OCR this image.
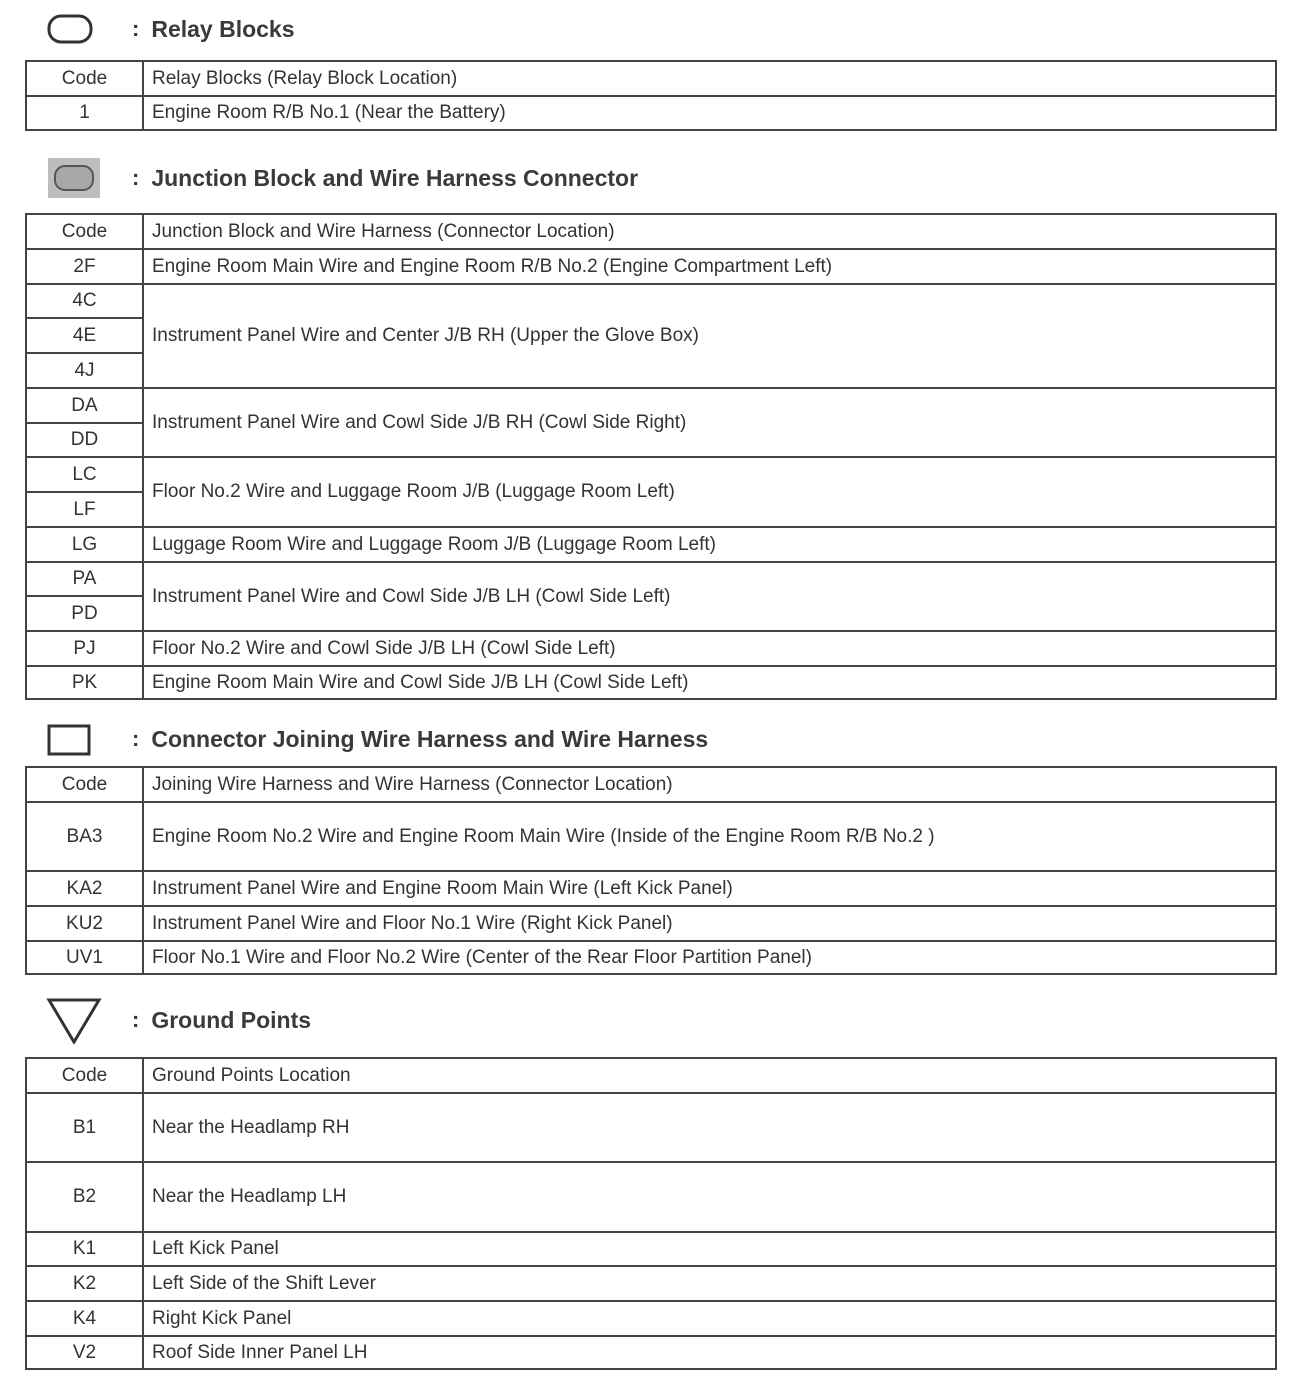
: Relay Blocks
Code	Relay Blocks (Relay Block Location)
1	Engine Room R/B No.1 (Near the Battery)
: Junction Block and Wire Harness Connector
Code	Junction Block and Wire Harness (Connector Location)
2F	Engine Room Main Wire and Engine Room R/B No.2 (Engine Compartment Left)
4C	Instrument Panel Wire and Center J/B RH (Upper the Glove Box)
4E	
4J	
DA	Instrument Panel Wire and Cowl Side J/B RH (Cowl Side Right)
DD	
LC	Floor No.2 Wire and Luggage Room J/B (Luggage Room Left)
LF	
LG	Luggage Room Wire and Luggage Room J/B (Luggage Room Left)
PA	Instrument Panel Wire and Cowl Side J/B LH (Cowl Side Left)
PD	
PJ	Floor No.2 Wire and Cowl Side J/B LH (Cowl Side Left)
PK	Engine Room Main Wire and Cowl Side J/B LH (Cowl Side Left)
: Connector Joining Wire Harness and Wire Harness
Code	Joining Wire Harness and Wire Harness (Connector Location)
BA3	Engine Room No.2 Wire and Engine Room Main Wire (Inside of the Engine Room R/B No.2 )
KA2	Instrument Panel Wire and Engine Room Main Wire (Left Kick Panel)
KU2	Instrument Panel Wire and Floor No.1 Wire (Right Kick Panel)
UV1	Floor No.1 Wire and Floor No.2 Wire (Center of the Rear Floor Partition Panel)
: Ground Points
Code	Ground Points Location
B1	Near the Headlamp RH
B2	Near the Headlamp LH
K1	Left Kick Panel
K2	Left Side of the Shift Lever
K4	Right Kick Panel
V2	Roof Side Inner Panel LH
